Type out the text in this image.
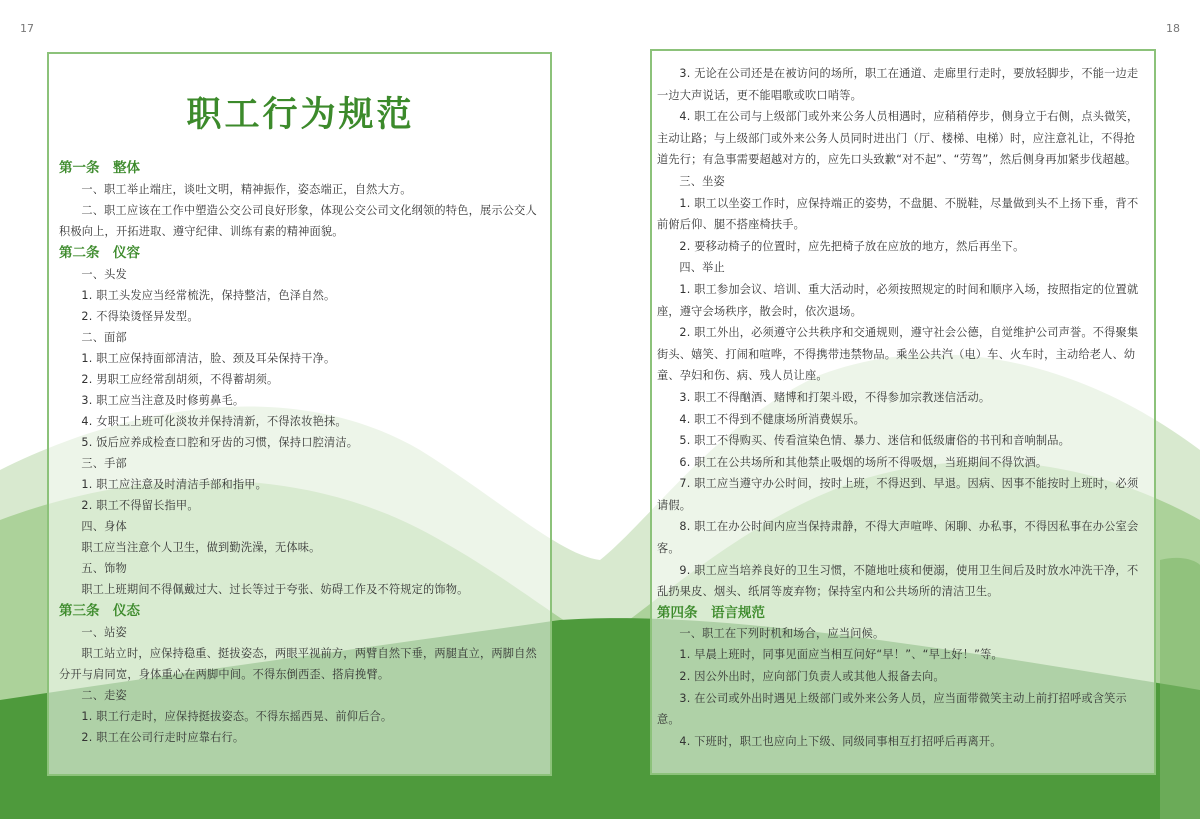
17	18
职工行为规范
第一条　整体

一、职工举止端庄，谈吐文明，精神振作，姿态端正，自然大方。

二、职工应该在工作中塑造公交公司良好形象，体现公交公司文化纲领的特色，展示公交人积极向上，开拓进取、遵守纪律、训练有素的精神面貌。

第二条　仪容

一、头发

1. 职工头发应当经常梳洗，保持整洁，色泽自然。

2. 不得染烫怪异发型。

二、面部

1. 职工应保持面部清洁，脸、颈及耳朵保持干净。

2. 男职工应经常刮胡须，不得蓄胡须。

3. 职工应当注意及时修剪鼻毛。

4. 女职工上班可化淡妆并保持清新，不得浓妆艳抹。

5. 饭后应养成检查口腔和牙齿的习惯，保持口腔清洁。

三、手部

1. 职工应注意及时清洁手部和指甲。

2. 职工不得留长指甲。

四、身体

职工应当注意个人卫生，做到勤洗澡，无体味。

五、饰物

职工上班期间不得佩戴过大、过长等过于夸张、妨碍工作及不符规定的饰物。

第三条　仪态

一、站姿

职工站立时，应保持稳重、挺拔姿态，两眼平视前方，两臂自然下垂，两腿直立，两脚自然分开与肩同宽，身体重心在两脚中间。不得东倒西歪、搭肩挽臂。

二、走姿

1. 职工行走时，应保持挺拔姿态。不得东摇西晃、前仰后合。

2. 职工在公司行走时应靠右行。

3. 无论在公司还是在被访问的场所，职工在通道、走廊里行走时，要放轻脚步，不能一边走一边大声说话，更不能唱歌或吹口哨等。

4. 职工在公司与上级部门或外来公务人员相遇时，应稍稍停步，侧身立于右侧，点头微笑，主动让路；与上级部门或外来公务人员同时进出门（厅、楼梯、电梯）时，应注意礼让，不得抢道先行；有急事需要超越对方的，应先口头致歉“对不起”、“劳驾”，然后侧身再加紧步伐超越。

三、坐姿

1. 职工以坐姿工作时，应保持端正的姿势，不盘腿、不脱鞋，尽量做到头不上扬下垂，背不前俯后仰、腿不搭座椅扶手。

2. 要移动椅子的位置时，应先把椅子放在应放的地方，然后再坐下。

四、举止

1. 职工参加会议、培训、重大活动时，必须按照规定的时间和顺序入场，按照指定的位置就座，遵守会场秩序，散会时，依次退场。

2. 职工外出，必须遵守公共秩序和交通规则，遵守社会公德，自觉维护公司声誉。不得聚集街头、嬉笑、打闹和喧哗，不得携带违禁物品。乘坐公共汽（电）车、火车时，主动给老人、幼童、孕妇和伤、病、残人员让座。

3. 职工不得酗酒、赌博和打架斗殴，不得参加宗教迷信活动。

4. 职工不得到不健康场所消费娱乐。

5. 职工不得购买、传看渲染色情、暴力、迷信和低级庸俗的书刊和音响制品。

6. 职工在公共场所和其他禁止吸烟的场所不得吸烟，当班期间不得饮酒。

7. 职工应当遵守办公时间，按时上班，不得迟到、早退。因病、因事不能按时上班时，必须请假。

8. 职工在办公时间内应当保持肃静，不得大声喧哗、闲聊、办私事，不得因私事在办公室会客。

9. 职工应当培养良好的卫生习惯，不随地吐痰和便溺，使用卫生间后及时放水冲洗干净，不乱扔果皮、烟头、纸屑等废弃物；保持室内和公共场所的清洁卫生。

第四条　语言规范

一、职工在下列时机和场合，应当问候。

1. 早晨上班时，同事见面应当相互问好“早！”、“早上好！”等。

2. 因公外出时，应向部门负责人或其他人报备去向。

3. 在公司或外出时遇见上级部门或外来公务人员，应当面带微笑主动上前打招呼或含笑示意。

4. 下班时，职工也应向上下级、同级同事相互打招呼后再离开。
